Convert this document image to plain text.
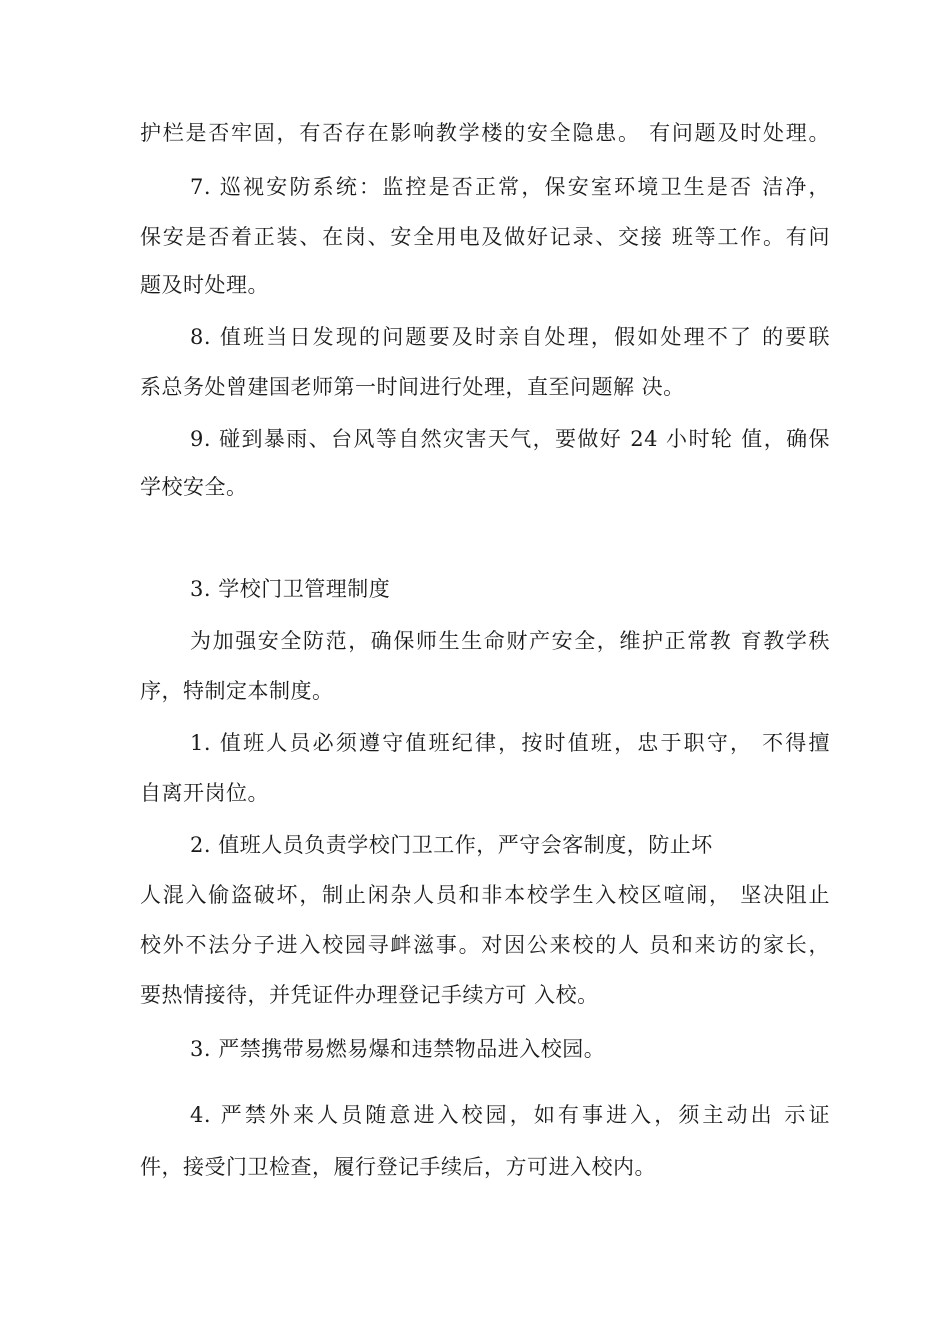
护栏是否牢固，有否存在影响教学楼的安全隐患。 有问题及时处理。
7. 巡视安防系统：监控是否正常，保安室环境卫生是否 洁净，
保安是否着正装、在岗、安全用电及做好记录、交接 班等工作。有问
题及时处理。
8. 值班当日发现的问题要及时亲自处理，假如处理不了 的要联
系总务处曾建国老师第一时间进行处理，直至问题解 决。
9. 碰到暴雨、台风等自然灾害天气，要做好 24 小时轮 值，确保
学校安全。
3. 学校门卫管理制度
为加强安全防范，确保师生生命财产安全，维护正常教 育教学秩
序，特制定本制度。
1. 值班人员必须遵守值班纪律，按时值班，忠于职守， 不得擅
自离开岗位。
2. 值班人员负责学校门卫工作，严守会客制度，防止坏
人混入偷盗破坏，制止闲杂人员和非本校学生入校区喧闹， 坚决阻止
校外不法分子进入校园寻衅滋事。对因公来校的人 员和来访的家长，
要热情接待，并凭证件办理登记手续方可 入校。
3. 严禁携带易燃易爆和违禁物品进入校园。
4. 严禁外来人员随意进入校园，如有事进入，须主动出 示证
件，接受门卫检查，履行登记手续后，方可进入校内。
